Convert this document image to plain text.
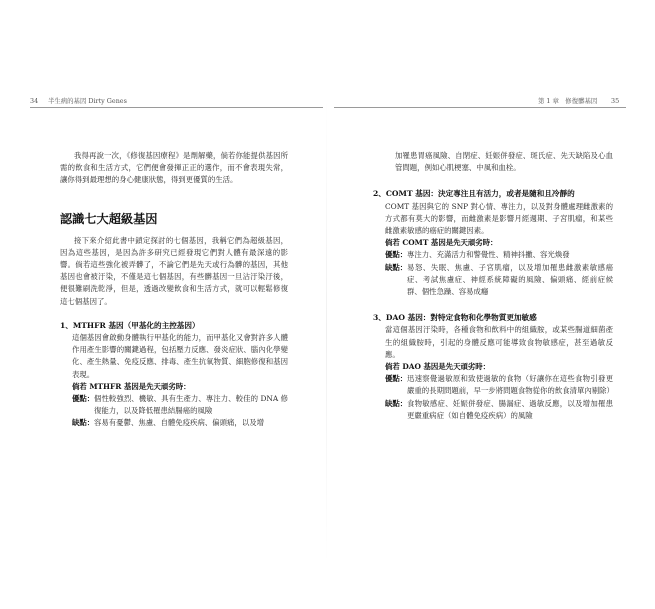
34 半生病的基因 Dirty Genes	第 1 章　修復髒基因 35

我得再說一次，《修復基因療程》是劑解藥，倘若你能提供基因所需的飲食和生活方式，它們便會發揮正正的選作，而不會表現失常，讓你得到最理想的身心健康狀態，得到更優質的生活。

認識七大超級基因

接下來介紹此書中鎖定探討的七個基因，我稱它們為超級基因，因為這些基因，是因為許多研究已經發現它們對人體有最深遠的影響。倘若這些強化被弄髒了，不論它們是先天或行為髒的基因，其他基因也會被汙染，不僅是這七個基因，有些髒基因一旦沾汙染汙後，便很難刷洗乾淨，但是，透過改變飲食和生活方式，就可以輕鬆修復這七個基因了。

1、MTHFR 基因（甲基化的主控基因）

這個基因會啟動身體執行甲基化的能力，而甲基化又會對許多人體作用產生影響的關鍵過程，包括壓力反應、發炎症狀、腦內化學變化、產生熱量、免疫反應、排毒、產生抗氧物質、細胞修復和基因表現。

倘若 MTHFR 基因是先天頑劣時：

優點： 個性較強烈、機敏、具有生產力、專注力、較佳的 DNA 修復能力，以及降低罹患結腸癌的風險

缺點： 容易有憂鬱、焦慮、自體免疫疾病、偏頭痛，以及增

加罹患胃癌風險、自閉症、妊娠併發症、斑氏症、先天缺陷及心血管問題，例如心肌梗塞、中風和血栓。

2、COMT 基因：決定專注且有活力，或者是隨和且冷靜的

COMT 基因與它的 SNP 對心情、專注力，以及對身體處理雌激素的方式都有莫大的影響，而雌激素是影響月經週期、子宮肌瘤，和某些雌激素敏感的癌症的關鍵因素。

倘若 COMT 基因是先天頑劣時：

優點： 專注力、充滿活力和警覺性、精神抖擻、容光煥發

缺點： 易怒、失眠、焦慮、子宮肌瘤，以及增加罹患雌激素敏感癌症、考試焦慮症、神經系統障礙的風險、偏頭痛、經前症候群、個性急躁、容易成癮

3、DAO 基因：對特定食物和化學物質更加敏感

當這個基因汙染時，各種食物和飲料中的組織胺，或某些腸道細菌產生的組織胺時，引起的身體反應可能導致食物敏感症，甚至過敏反應。

倘若 DAO 基因是先天頑劣時：

優點： 迅速察覺過敏原和致使過敏的食物（好讓你在這些食物引發更嚴重的長期問題前，早一步將問題食物從你的飲食清單內剔除）

缺點： 食物敏感症、妊娠併發症、腸漏症、過敏反應，以及增加罹患更嚴重病症（如自體免疫疾病）的風險
